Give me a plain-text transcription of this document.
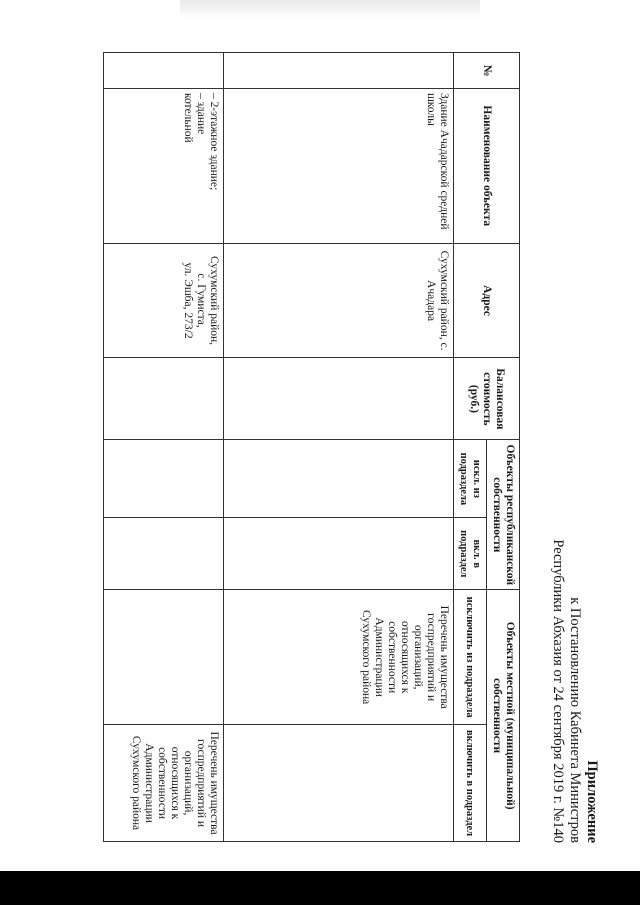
Приложение
к Постановлению Кабинета Министров
Республики Абхазия от 24 сентября 2019 г. №140
№	Наименование объекта	Адрес	Балансовая стоимость (руб.)	Объекты республиканской собственности		Объекты местной (муниципальной) собственности	
				искл. из подраздела	вкл. в подраздел	исключить из подраздела	включить в подраздел
	Здание Ачадарской средней школы	Сухумский район, с. Ачадара				Перечень имущества госпредприятий и организаций, относящихся к собственности Администрации Сухумского района	

	– 2-этажное здание;
– здание
котельной	Сухумский район,
с. Гумиста,
ул. Эшба, 273/2					Перечень имущества госпредприятий и организаций, относящихся к собственности Администрации Сухумского района
